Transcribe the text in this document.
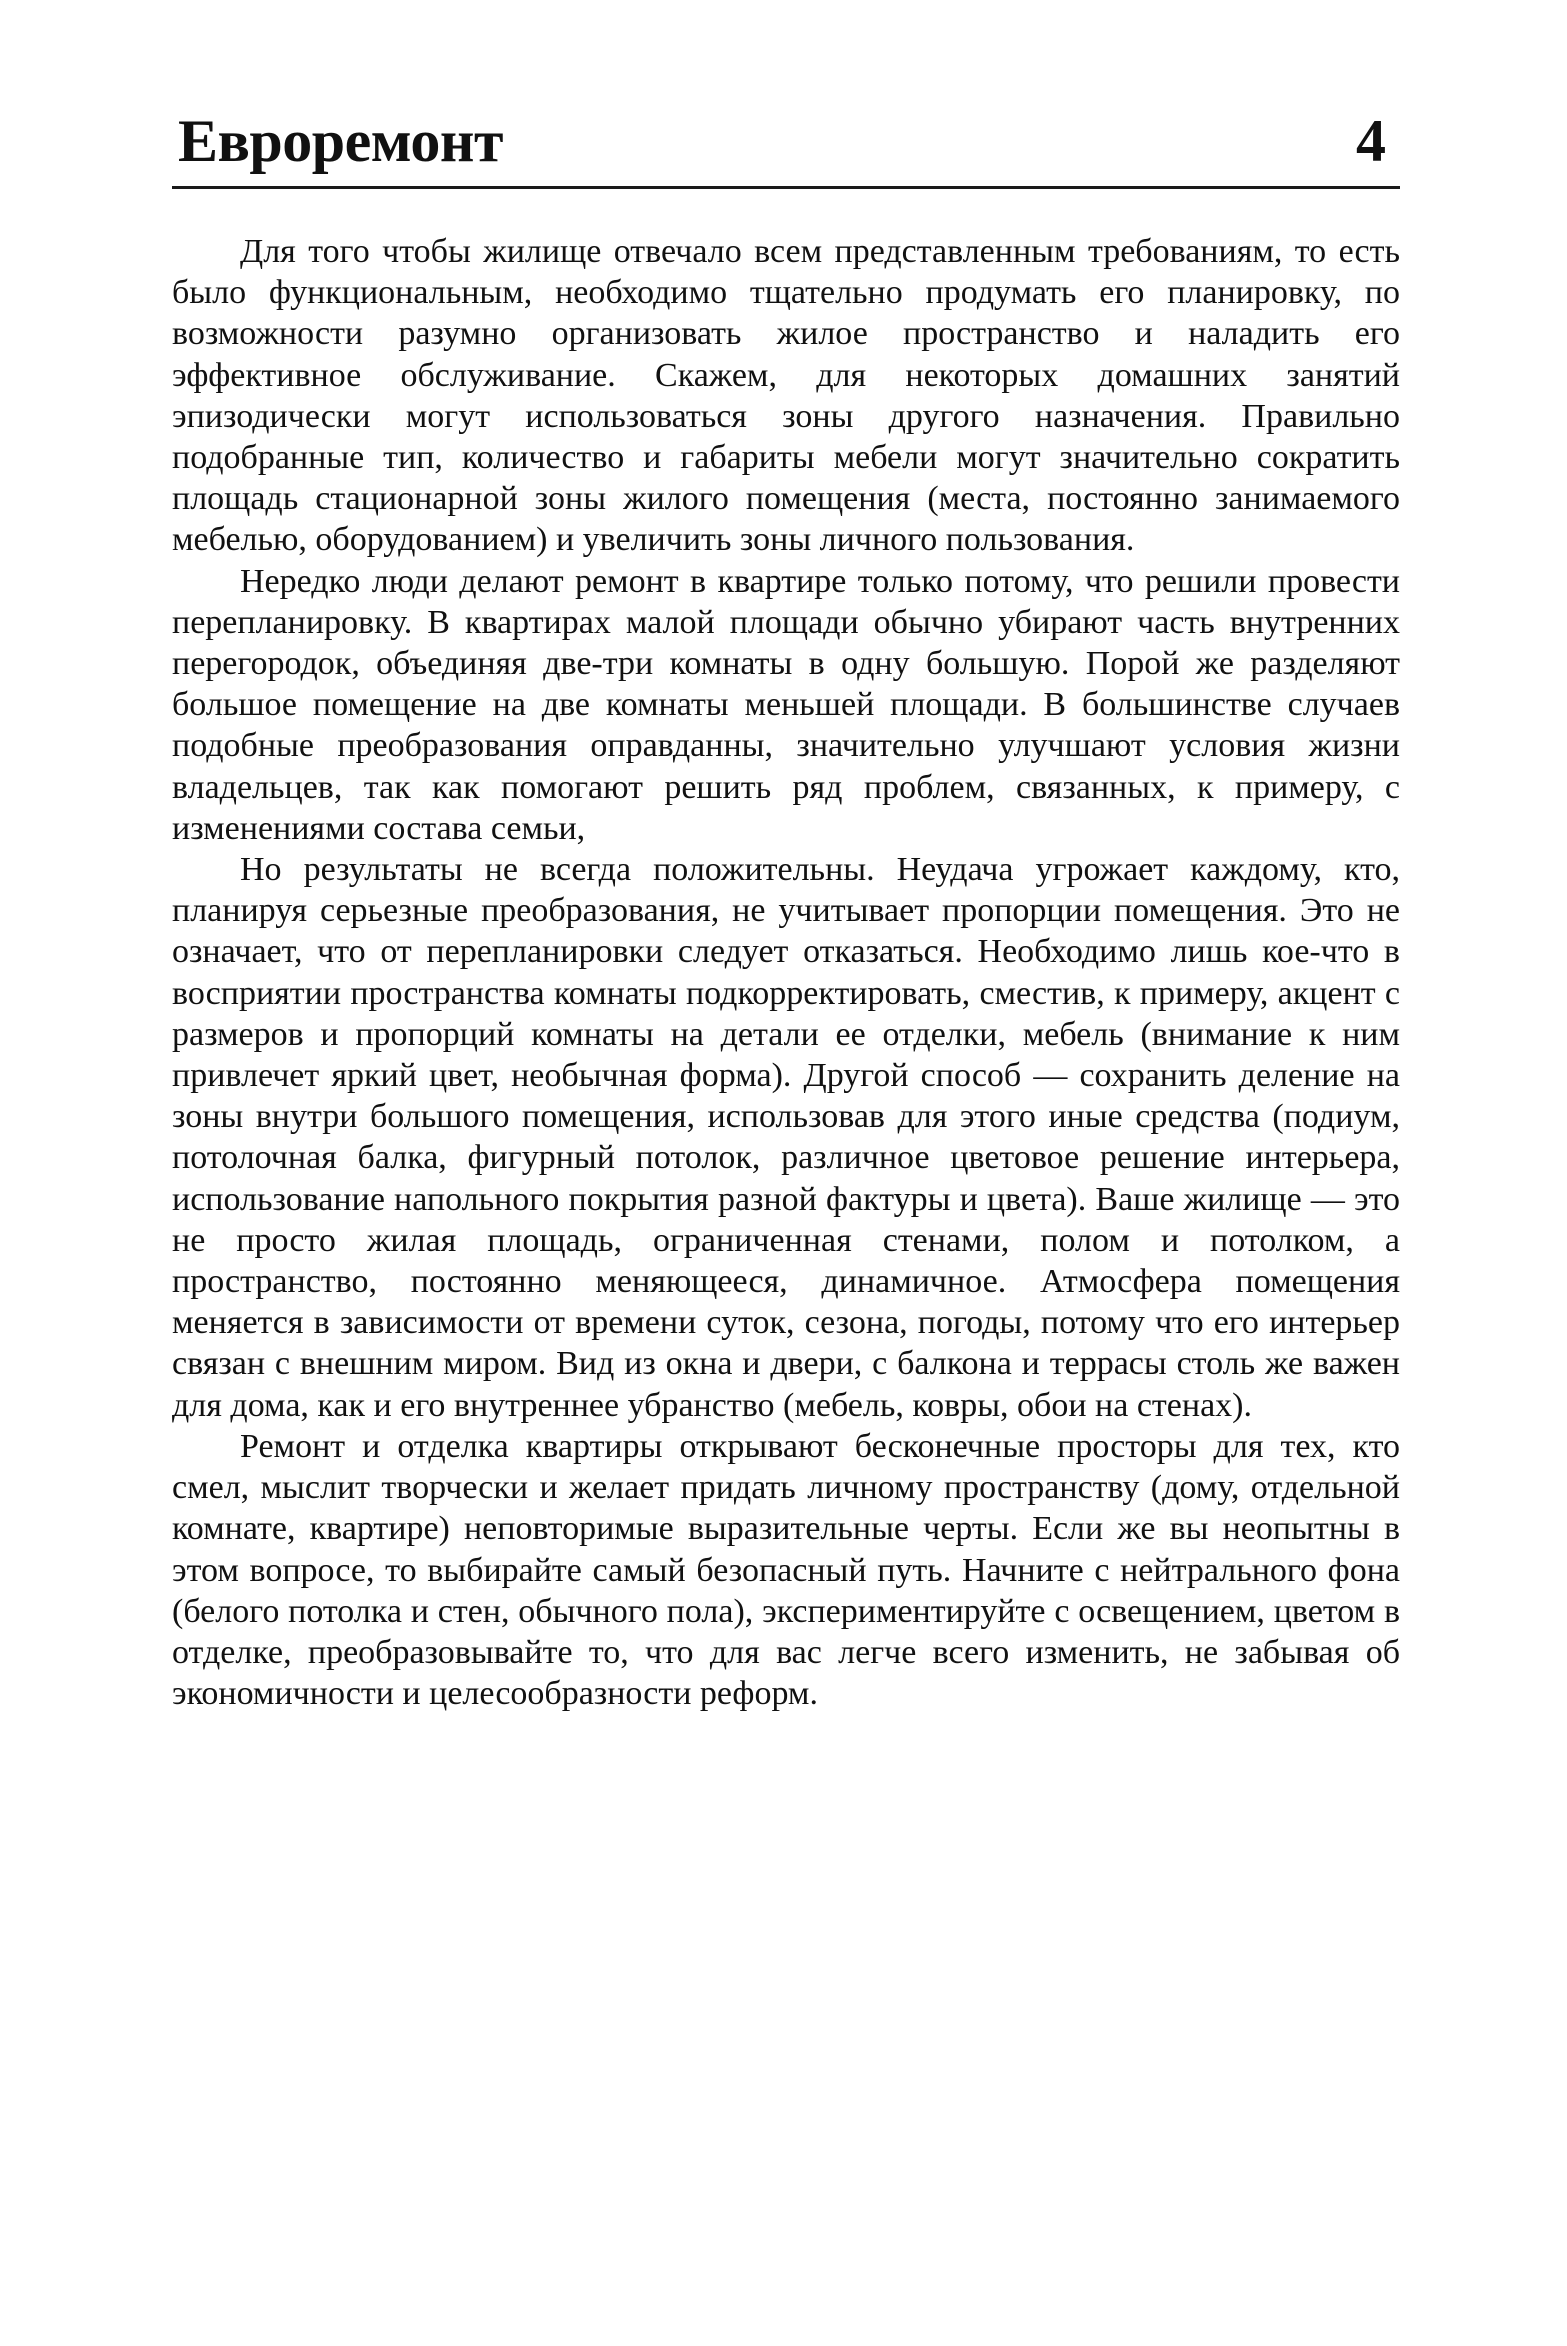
Евроремонт	4

Для того чтобы жилище отвечало всем представленным требованиям, то есть было функциональным, необходимо тщательно продумать его планировку, по возможности разумно организовать жилое пространство и наладить его эффективное обслуживание. Скажем, для некоторых домашних занятий эпизодически могут использоваться зоны другого назначения. Правильно подобранные тип, количество и габариты мебели могут значительно сократить площадь стационарной зоны жилого помещения (места, постоянно занимаемого мебелью, оборудованием) и увеличить зоны личного пользования.

Нередко люди делают ремонт в квартире только потому, что решили провести перепланировку. В квартирах малой площади обычно убирают часть внутренних перегородок, объединяя две-три комнаты в одну большую. Порой же разделяют большое помещение на две комнаты меньшей площади. В большинстве случаев подобные преобразования оправданны, значительно улучшают условия жизни владельцев, так как помогают решить ряд проблем, связанных, к примеру, с изменениями состава семьи,

Но результаты не всегда положительны. Неудача угрожает каждому, кто, планируя серьезные преобразования, не учитывает пропорции помещения. Это не означает, что от перепланировки следует отказаться. Необходимо лишь кое-что в восприятии пространства комнаты подкорректировать, сместив, к примеру, акцент с размеров и пропорций комнаты на детали ее отделки, мебель (внимание к ним привлечет яркий цвет, необычная форма). Другой способ — сохранить деление на зоны внутри большого помещения, использовав для этого иные средства (подиум, потолочная балка, фигурный потолок, различное цветовое решение интерьера, использование напольного покрытия разной фактуры и цвета). Ваше жилище — это не просто жилая площадь, ограниченная стенами, полом и потолком, а пространство, постоянно меняющееся, динамичное. Атмосфера помещения меняется в зависимости от времени суток, сезона, погоды, потому что его интерьер связан с внешним миром. Вид из окна и двери, с балкона и террасы столь же важен для дома, как и его внутреннее убранство (мебель, ковры, обои на стенах).

Ремонт и отделка квартиры открывают бесконечные просторы для тех, кто смел, мыслит творчески и желает придать личному пространству (дому, отдельной комнате, квартире) неповторимые выразительные черты. Если же вы неопытны в этом вопросе, то выбирайте самый безопасный путь. Начните с нейтрального фона (белого потолка и стен, обычного пола), экспериментируйте с освещением, цветом в отделке, преобразовывайте то, что для вас легче всего изменить, не забывая об экономичности и целесообразности реформ.
